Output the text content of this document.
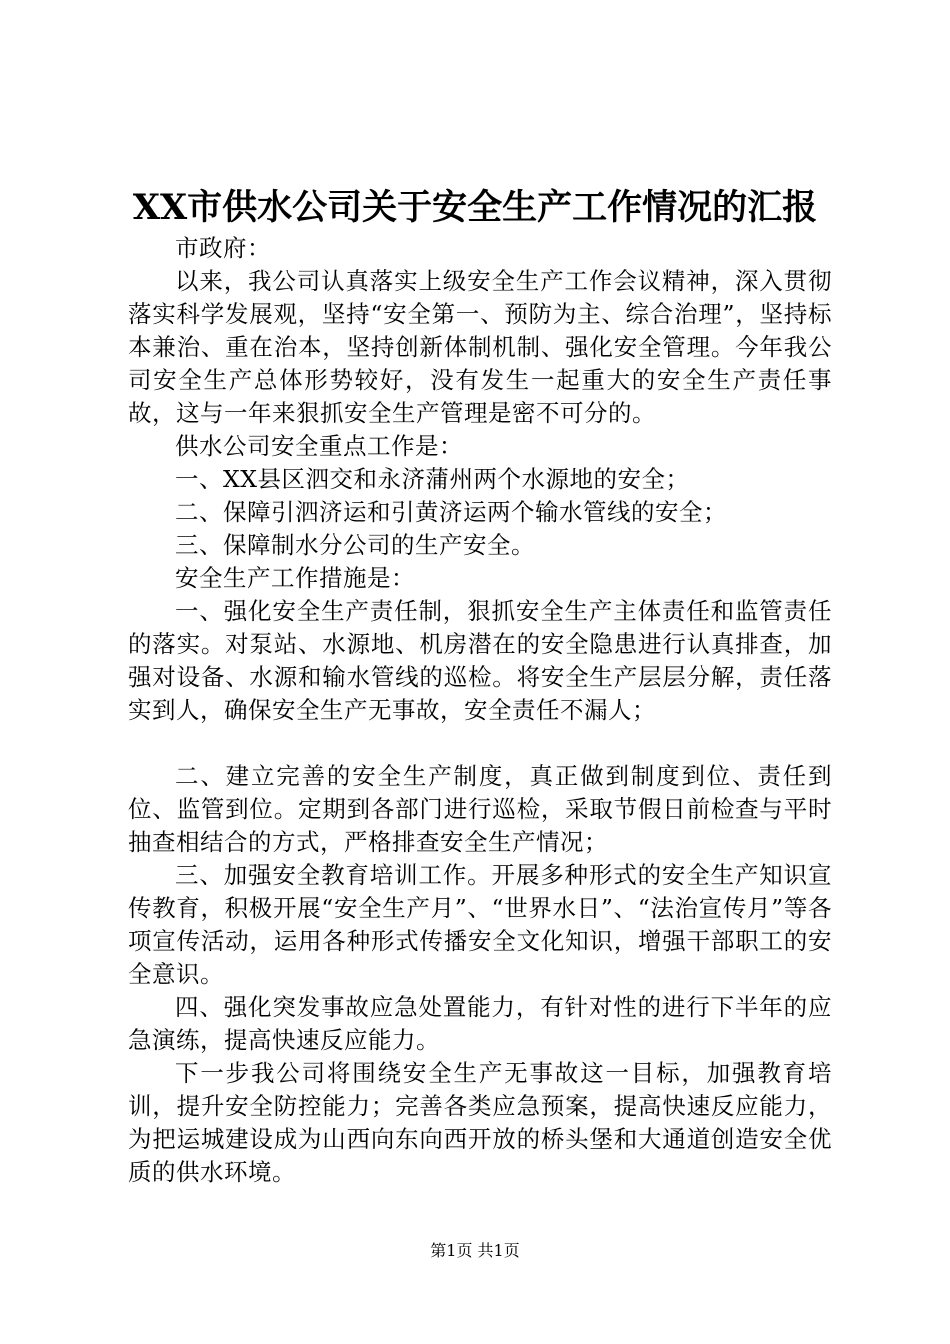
XX市供水公司关于安全生产工作情况的汇报

市政府：

以来，我公司认真落实上级安全生产工作会议精神，深入贯彻落实科学发展观，坚持“安全第一、预防为主、综合治理”，坚持标本兼治、重在治本，坚持创新体制机制、强化安全管理。今年我公司安全生产总体形势较好，没有发生一起重大的安全生产责任事故，这与一年来狠抓安全生产管理是密不可分的。

供水公司安全重点工作是：

一、XX县区泗交和永济蒲州两个水源地的安全；

二、保障引泗济运和引黄济运两个输水管线的安全；

三、保障制水分公司的生产安全。

安全生产工作措施是：

一、强化安全生产责任制，狠抓安全生产主体责任和监管责任的落实。对泵站、水源地、机房潜在的安全隐患进行认真排查，加强对设备、水源和输水管线的巡检。将安全生产层层分解，责任落实到人，确保安全生产无事故，安全责任不漏人；

二、建立完善的安全生产制度，真正做到制度到位、责任到位、监管到位。定期到各部门进行巡检，采取节假日前检查与平时抽查相结合的方式，严格排查安全生产情况；

三、加强安全教育培训工作。开展多种形式的安全生产知识宣传教育，积极开展“安全生产月”、“世界水日”、“法治宣传月”等各项宣传活动，运用各种形式传播安全文化知识，增强干部职工的安全意识。

四、强化突发事故应急处置能力，有针对性的进行下半年的应急演练，提高快速反应能力。

下一步我公司将围绕安全生产无事故这一目标，加强教育培训，提升安全防控能力；完善各类应急预案，提高快速反应能力，为把运城建设成为山西向东向西开放的桥头堡和大通道创造安全优质的供水环境。

第1页 共1页
